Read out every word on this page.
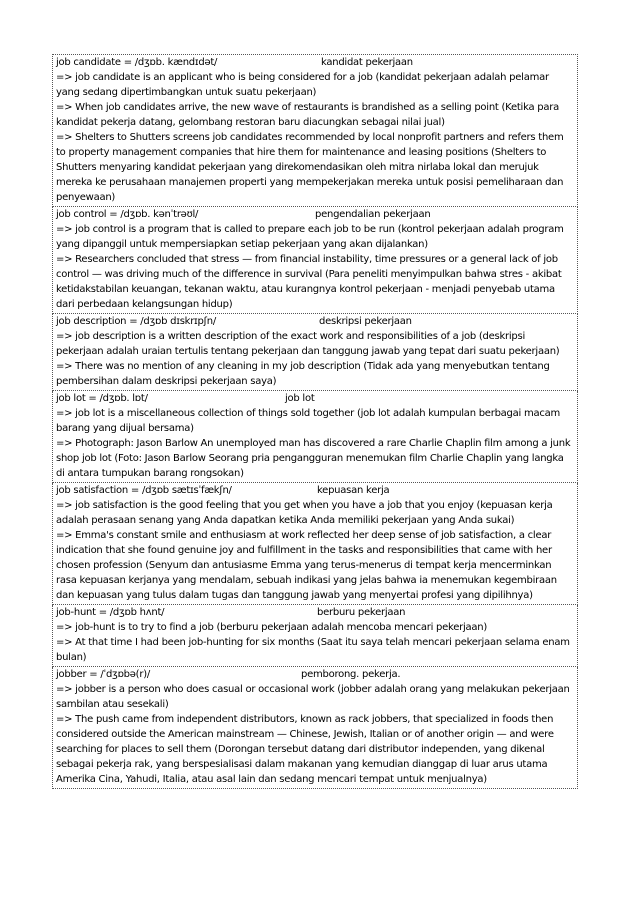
job candidate = /dʒɒb. kændɪdət/	kandidat pekerjaan
=> job candidate is an applicant who is being considered for a job (kandidat pekerjaan adalah pelamar yang sedang dipertimbangkan untuk suatu pekerjaan)
=> When job candidates arrive, the new wave of restaurants is brandished as a selling point (Ketika para kandidat pekerja datang, gelombang restoran baru diacungkan sebagai nilai jual)
=> Shelters to Shutters screens job candidates recommended by local nonprofit partners and refers them to property management companies that hire them for maintenance and leasing positions (Shelters to Shutters menyaring kandidat pekerjaan yang direkomendasikan oleh mitra nirlaba lokal dan merujuk mereka ke perusahaan manajemen properti yang mempekerjakan mereka untuk posisi pemeliharaan dan penyewaan)
job control = /dʒɒb. kənˈtrəʊl/	pengendalian pekerjaan
=> job control is a program that is called to prepare each job to be run (kontrol pekerjaan adalah program yang dipanggil untuk mempersiapkan setiap pekerjaan yang akan dijalankan)
=> Researchers concluded that stress — from financial instability, time pressures or a general lack of job control — was driving much of the difference in survival (Para peneliti menyimpulkan bahwa stres - akibat ketidakstabilan keuangan, tekanan waktu, atau kurangnya kontrol pekerjaan - menjadi penyebab utama dari perbedaan kelangsungan hidup)
job description = /dʒɒb dɪskrɪpʃn/	deskripsi pekerjaan
=> job description is a written description of the exact work and responsibilities of a job (deskripsi pekerjaan adalah uraian tertulis tentang pekerjaan dan tanggung jawab yang tepat dari suatu pekerjaan)
=> There was no mention of any cleaning in my job description (Tidak ada yang menyebutkan tentang pembersihan dalam deskripsi pekerjaan saya)
job lot = /dʒɒb. lɒt/	job lot
=> job lot is a miscellaneous collection of things sold together (job lot adalah kumpulan berbagai macam barang yang dijual bersama)
=> Photograph: Jason Barlow An unemployed man has discovered a rare Charlie Chaplin film among a junk shop job lot (Foto: Jason Barlow Seorang pria pengangguran menemukan film Charlie Chaplin yang langka di antara tumpukan barang rongsokan)
job satisfaction = /dʒɒb sætɪsˈfækʃn/	kepuasan kerja
=> job satisfaction is the good feeling that you get when you have a job that you enjoy (kepuasan kerja adalah perasaan senang yang Anda dapatkan ketika Anda memiliki pekerjaan yang Anda sukai)
=> Emma's constant smile and enthusiasm at work reflected her deep sense of job satisfaction, a clear indication that she found genuine joy and fulfillment in the tasks and responsibilities that came with her chosen profession (Senyum dan antusiasme Emma yang terus-menerus di tempat kerja mencerminkan rasa kepuasan kerjanya yang mendalam, sebuah indikasi yang jelas bahwa ia menemukan kegembiraan dan kepuasan yang tulus dalam tugas dan tanggung jawab yang menyertai profesi yang dipilihnya)
job-hunt = /dʒɒb hʌnt/	berburu pekerjaan
=> job-hunt is to try to find a job (berburu pekerjaan adalah mencoba mencari pekerjaan)
=> At that time I had been job-hunting for six months (Saat itu saya telah mencari pekerjaan selama enam bulan)
jobber = /ˈdʒɒbə(r)/	pemborong. pekerja.
=> jobber is a person who does casual or occasional work (jobber adalah orang yang melakukan pekerjaan sambilan atau sesekali)
=> The push came from independent distributors, known as rack jobbers, that specialized in foods then considered outside the American mainstream — Chinese, Jewish, Italian or of another origin — and were searching for places to sell them (Dorongan tersebut datang dari distributor independen, yang dikenal sebagai pekerja rak, yang berspesialisasi dalam makanan yang kemudian dianggap di luar arus utama Amerika Cina, Yahudi, Italia, atau asal lain dan sedang mencari tempat untuk menjualnya)
